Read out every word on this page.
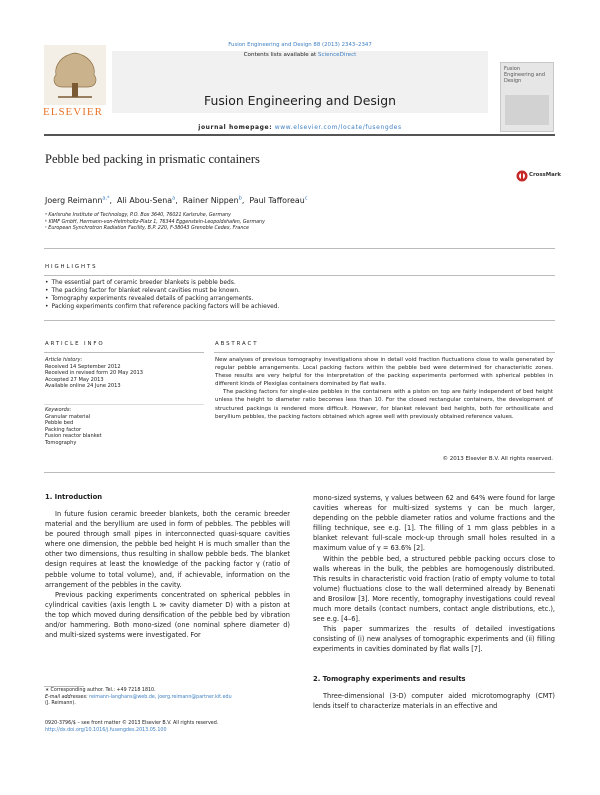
Fusion Engineering and Design 88 (2013) 2343–2347
ELSEVIER
Contents lists available at ScienceDirect
Fusion Engineering and Design
journal homepage: www.elsevier.com/locate/fusengdes
Fusion Engineering and Design
Pebble bed packing in prismatic containers
CrossMark
Joerg Reimann$^{a,*}$,  Ali Abou-Sena$^a$,  Rainer Nippen$^b$,  Paul Tafforeau$^c$
ᵃ Karlsruhe Institute of Technology, P.O. Box 3640, 76021 Karlsruhe, Germany
ᵇ KIMF GmbH, Hermann-von-Helmholtz-Platz 1, 76344 Eggenstein-Leopoldshafen, Germany
ᶜ European Synchrotron Radiation Facility, B.P. 220, F-38043 Grenoble Cedex, France
HIGHLIGHTS
• The essential part of ceramic breeder blankets is pebble beds.
• The packing factor for blanket relevant cavities must be known.
• Tomography experiments revealed details of packing arrangements.
• Packing experiments confirm that reference packing factors will be achieved.
ARTICLE INFO
Article history:
Received 14 September 2012
Received in revised form 20 May 2013
Accepted 27 May 2013
Available online 24 June 2013
Keywords:
Granular material
Pebble bed
Packing factor
Fusion reactor blanket
Tomography
ABSTRACT
New analyses of previous tomography investigations show in detail void fraction fluctuations close to walls generated by regular pebble arrangements. Local packing factors within the pebble bed were determined for characteristic zones. These results are very helpful for the interpretation of the packing experiments performed with spherical pebbles in different kinds of Plexiglas containers dominated by flat walls.
The packing factors for single-size pebbles in the containers with a piston on top are fairly independent of bed height unless the height to diameter ratio becomes less than 10. For the closed rectangular containers, the development of structured packings is rendered more difficult. However, for blanket relevant bed heights, both for orthosilicate and beryllium pebbles, the packing factors obtained which agree well with previously obtained reference values.
© 2013 Elsevier B.V. All rights reserved.
1. Introduction

In future fusion ceramic breeder blankets, both the ceramic breeder material and the beryllium are used in form of pebbles. The pebbles will be poured through small pipes in interconnected quasi-square cavities where one dimension, the pebble bed height H is much smaller than the other two dimensions, thus resulting in shallow pebble beds. The blanket design requires at least the knowledge of the packing factor γ (ratio of pebble volume to total volume), and, if achievable, information on the arrangement of the pebbles in the cavity.

Previous packing experiments concentrated on spherical pebbles in cylindrical cavities (axis length L ≫ cavity diameter D) with a piston at the top which moved during densification of the pebble bed by vibration and/or hammering. Both mono-sized (one nominal sphere diameter d) and multi-sized systems were investigated. For

∗ Corresponding author. Tel.: +49 7218 1810.
E-mail addresses: reimann-langhans@web.de, joerg.reimann@partner.kit.edu
(J. Reimann).
0920-3796/$ – see front matter © 2013 Elsevier B.V. All rights reserved.
http://dx.doi.org/10.1016/j.fusengdes.2013.05.100

mono-sized systems, γ values between 62 and 64% were found for large cavities whereas for multi-sized systems γ can be much larger, depending on the pebble diameter ratios and volume fractions and the filling technique, see e.g. [1]. The filling of 1 mm glass pebbles in a blanket relevant full-scale mock-up through small holes resulted in a maximum value of γ = 63.6% [2].

Within the pebble bed, a structured pebble packing occurs close to walls whereas in the bulk, the pebbles are homogenously distributed. This results in characteristic void fraction (ratio of empty volume to total volume) fluctuations close to the wall determined already by Benenati and Brosilow [3]. More recently, tomography investigations could reveal much more details (contact numbers, contact angle distributions, etc.), see e.g. [4–6].

This paper summarizes the results of detailed investigations consisting of (i) new analyses of tomographic experiments and (ii) filling experiments in cavities dominated by flat walls [7].

2. Tomography experiments and results

Three-dimensional (3-D) computer aided microtomography (CMT) lends itself to characterize materials in an effective and
